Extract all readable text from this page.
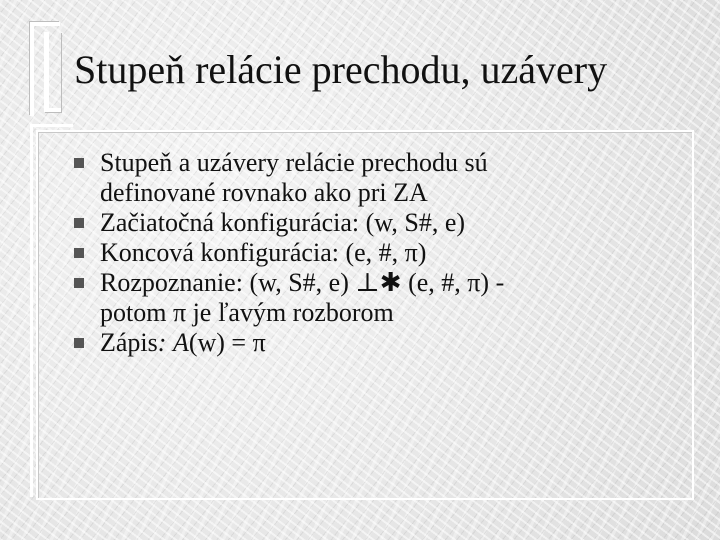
Stupeň relácie prechodu, uzávery
Stupeň a uzávery relácie prechodu sú
definované rovnako ako pri ZA
Začiatočná konfigurácia: (w, S#, e)
Koncová konfigurácia: (e, #, π)
Rozpoznanie: (w, S#, e) ⊥✱ (e, #, π) -
potom π je ľavým rozborom
Zápis: A(w) = π
